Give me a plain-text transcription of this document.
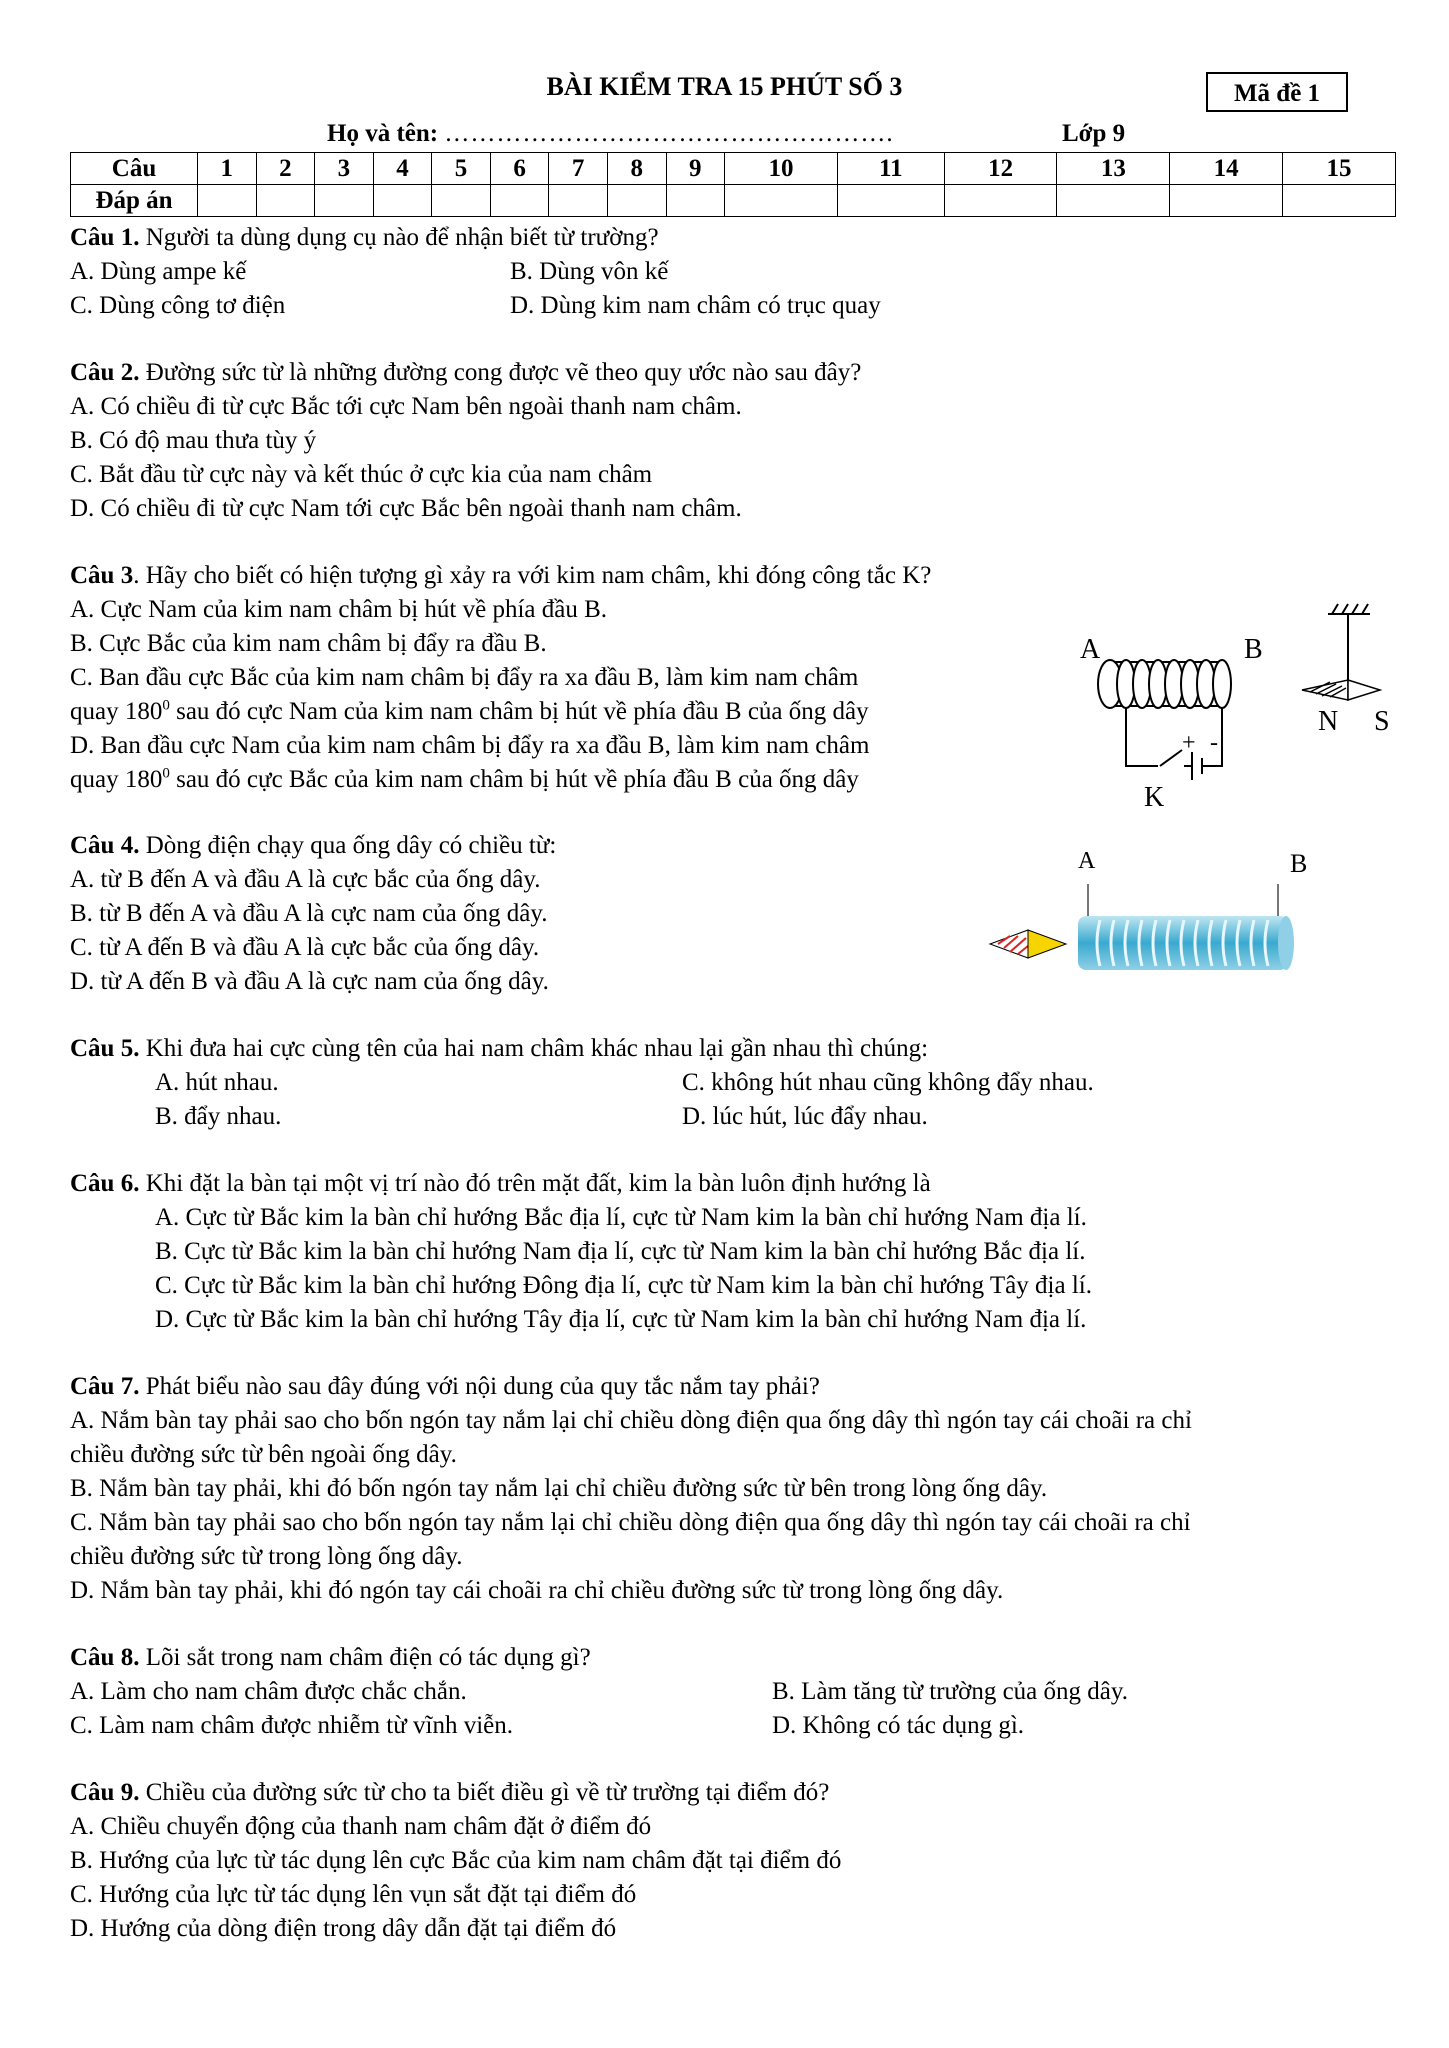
BÀI KIỂM TRA 15 PHÚT SỐ 3	Mã đề 1
Họ và tên: …………………………………………….	Lớp 9
Câu	1	2	3	4	5	6	7	8	9	10	11	12	13	14	15
Đáp án															
Câu 1. Người ta dùng dụng cụ nào để nhận biết từ trường?
A. Dùng ampe kế	B. Dùng vôn kế
C. Dùng công tơ điện	D. Dùng kim nam châm có trục quay
Câu 2. Đường sức từ là những đường cong được vẽ theo quy ước nào sau đây?
A. Có chiều đi từ cực Bắc tới cực Nam bên ngoài thanh nam châm.
B. Có độ mau thưa tùy ý
C. Bắt đầu từ cực này và kết thúc ở cực kia của nam châm
D. Có chiều đi từ cực Nam tới cực Bắc bên ngoài thanh nam châm.
Câu 3. Hãy cho biết có hiện tượng gì xảy ra với kim nam châm, khi đóng công tắc K?
A. Cực Nam của kim nam châm bị hút về phía đầu B.
B. Cực Bắc của kim nam châm bị đẩy ra đầu B.
C. Ban đầu cực Bắc của kim nam châm bị đẩy ra xa đầu B, làm kim nam châm
quay $180^0$ sau đó cực Nam của kim nam châm bị hút về phía đầu B của ống dây
D. Ban đầu cực Nam của kim nam châm bị đẩy ra xa đầu B, làm kim nam châm
quay $180^0$ sau đó cực Bắc của kim nam châm bị hút về phía đầu B của ống dây
N S
A	B
+ -
K
Câu 4. Dòng điện chạy qua ống dây có chiều từ:
A. từ B đến A và đầu A là cực bắc của ống dây.
B. từ B đến A và đầu A là cực nam của ống dây.
C. từ A đến B và đầu A là cực bắc của ống dây.
D. từ A đến B và đầu A là cực nam của ống dây.
A	B
Câu 5. Khi đưa hai cực cùng tên của hai nam châm khác nhau lại gần nhau thì chúng:
A. hút nhau.	C. không hút nhau cũng không đẩy nhau.
B. đẩy nhau.	D. lúc hút, lúc đẩy nhau.
Câu 6. Khi đặt la bàn tại một vị trí nào đó trên mặt đất, kim la bàn luôn định hướng là
A. Cực từ Bắc kim la bàn chỉ hướng Bắc địa lí, cực từ Nam kim la bàn chỉ hướng Nam địa lí.
B. Cực từ Bắc kim la bàn chỉ hướng Nam địa lí, cực từ Nam kim la bàn chỉ hướng Bắc địa lí.
C. Cực từ Bắc kim la bàn chỉ hướng Đông địa lí, cực từ Nam kim la bàn chỉ hướng Tây địa lí.
D. Cực từ Bắc kim la bàn chỉ hướng Tây địa lí, cực từ Nam kim la bàn chỉ hướng Nam địa lí.
Câu 7. Phát biểu nào sau đây đúng với nội dung của quy tắc nắm tay phải?
A. Nắm bàn tay phải sao cho bốn ngón tay nắm lại chỉ chiều dòng điện qua ống dây thì ngón tay cái choãi ra chỉ
chiều đường sức từ bên ngoài ống dây.
B. Nắm bàn tay phải, khi đó bốn ngón tay nắm lại chỉ chiều đường sức từ bên trong lòng ống dây.
C. Nắm bàn tay phải sao cho bốn ngón tay nắm lại chỉ chiều dòng điện qua ống dây thì ngón tay cái choãi ra chỉ
chiều đường sức từ trong lòng ống dây.
D. Nắm bàn tay phải, khi đó ngón tay cái choãi ra chỉ chiều đường sức từ trong lòng ống dây.
Câu 8. Lõi sắt trong nam châm điện có tác dụng gì?
A. Làm cho nam châm được chắc chắn.	B. Làm tăng từ trường của ống dây.
C. Làm nam châm được nhiễm từ vĩnh viễn.	D. Không có tác dụng gì.
Câu 9. Chiều của đường sức từ cho ta biết điều gì về từ trường tại điểm đó?
A. Chiều chuyển động của thanh nam châm đặt ở điểm đó
B. Hướng của lực từ tác dụng lên cực Bắc của kim nam châm đặt tại điểm đó
C. Hướng của lực từ tác dụng lên vụn sắt đặt tại điểm đó
D. Hướng của dòng điện trong dây dẫn đặt tại điểm đó
